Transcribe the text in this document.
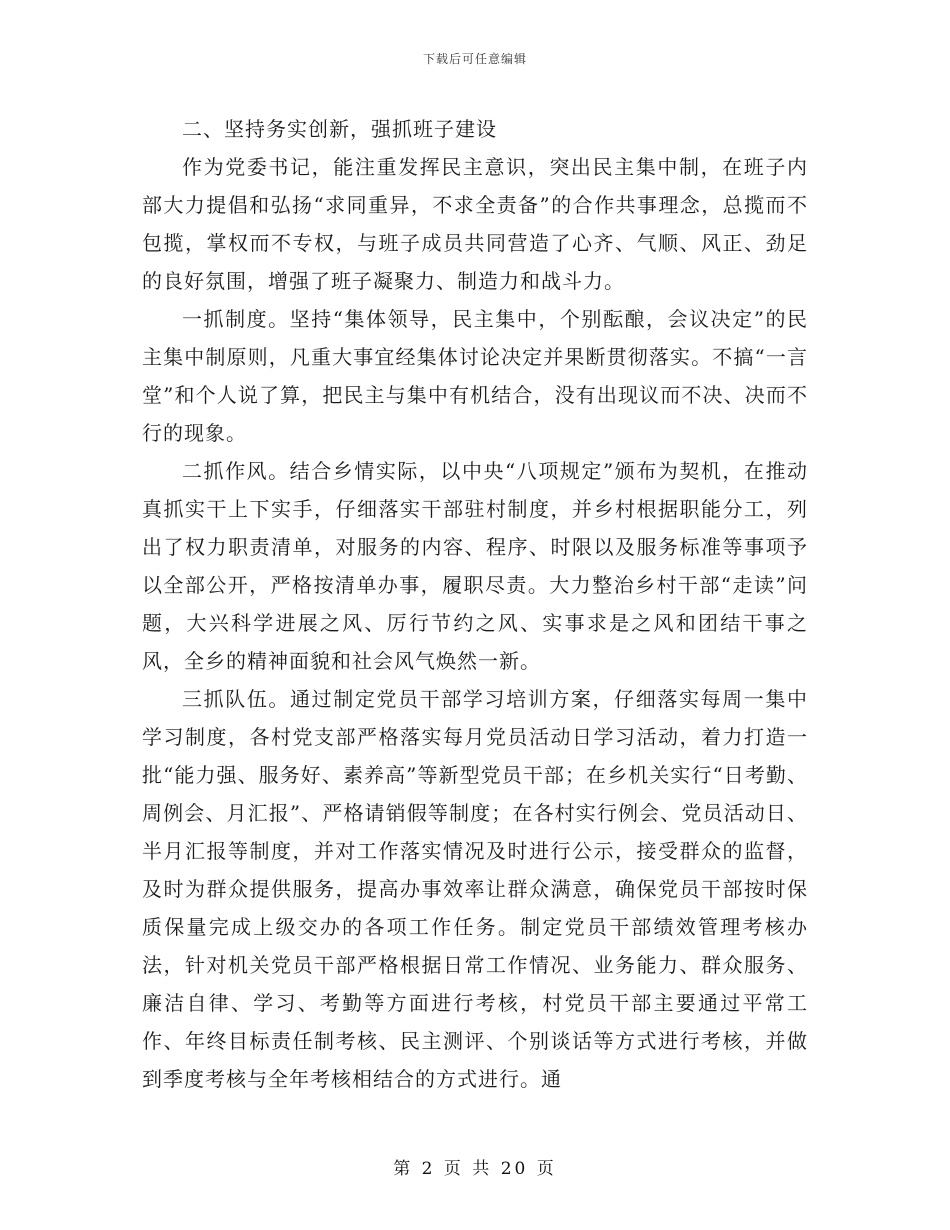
下载后可任意编辑

二、坚持务实创新，强抓班子建设

作为党委书记，能注重发挥民主意识，突出民主集中制，在班子内部大力提倡和弘扬“求同重异，不求全责备”的合作共事理念，总揽而不包揽，掌权而不专权，与班子成员共同营造了心齐、气顺、风正、劲足的良好氛围，增强了班子凝聚力、制造力和战斗力。

一抓制度。坚持“集体领导，民主集中，个别酝酿，会议决定”的民主集中制原则，凡重大事宜经集体讨论决定并果断贯彻落实。不搞“一言堂”和个人说了算，把民主与集中有机结合，没有出现议而不决、决而不行的现象。

二抓作风。结合乡情实际，以中央“八项规定”颁布为契机，在推动真抓实干上下实手，仔细落实干部驻村制度，并乡村根据职能分工，列出了权力职责清单，对服务的内容、程序、时限以及服务标准等事项予以全部公开，严格按清单办事，履职尽责。大力整治乡村干部“走读”问题，大兴科学进展之风、厉行节约之风、实事求是之风和团结干事之风，全乡的精神面貌和社会风气焕然一新。

三抓队伍。通过制定党员干部学习培训方案，仔细落实每周一集中学习制度，各村党支部严格落实每月党员活动日学习活动，着力打造一批“能力强、服务好、素养高”等新型党员干部；在乡机关实行“日考勤、周例会、月汇报”、严格请销假等制度；在各村实行例会、党员活动日、半月汇报等制度，并对工作落实情况及时进行公示，接受群众的监督，及时为群众提供服务，提高办事效率让群众满意，确保党员干部按时保质保量完成上级交办的各项工作任务。制定党员干部绩效管理考核办法，针对机关党员干部严格根据日常工作情况、业务能力、群众服务、廉洁自律、学习、考勤等方面进行考核，村党员干部主要通过平常工作、年终目标责任制考核、民主测评、个别谈话等方式进行考核，并做到季度考核与全年考核相结合的方式进行。通

第 2 页 共 20 页
